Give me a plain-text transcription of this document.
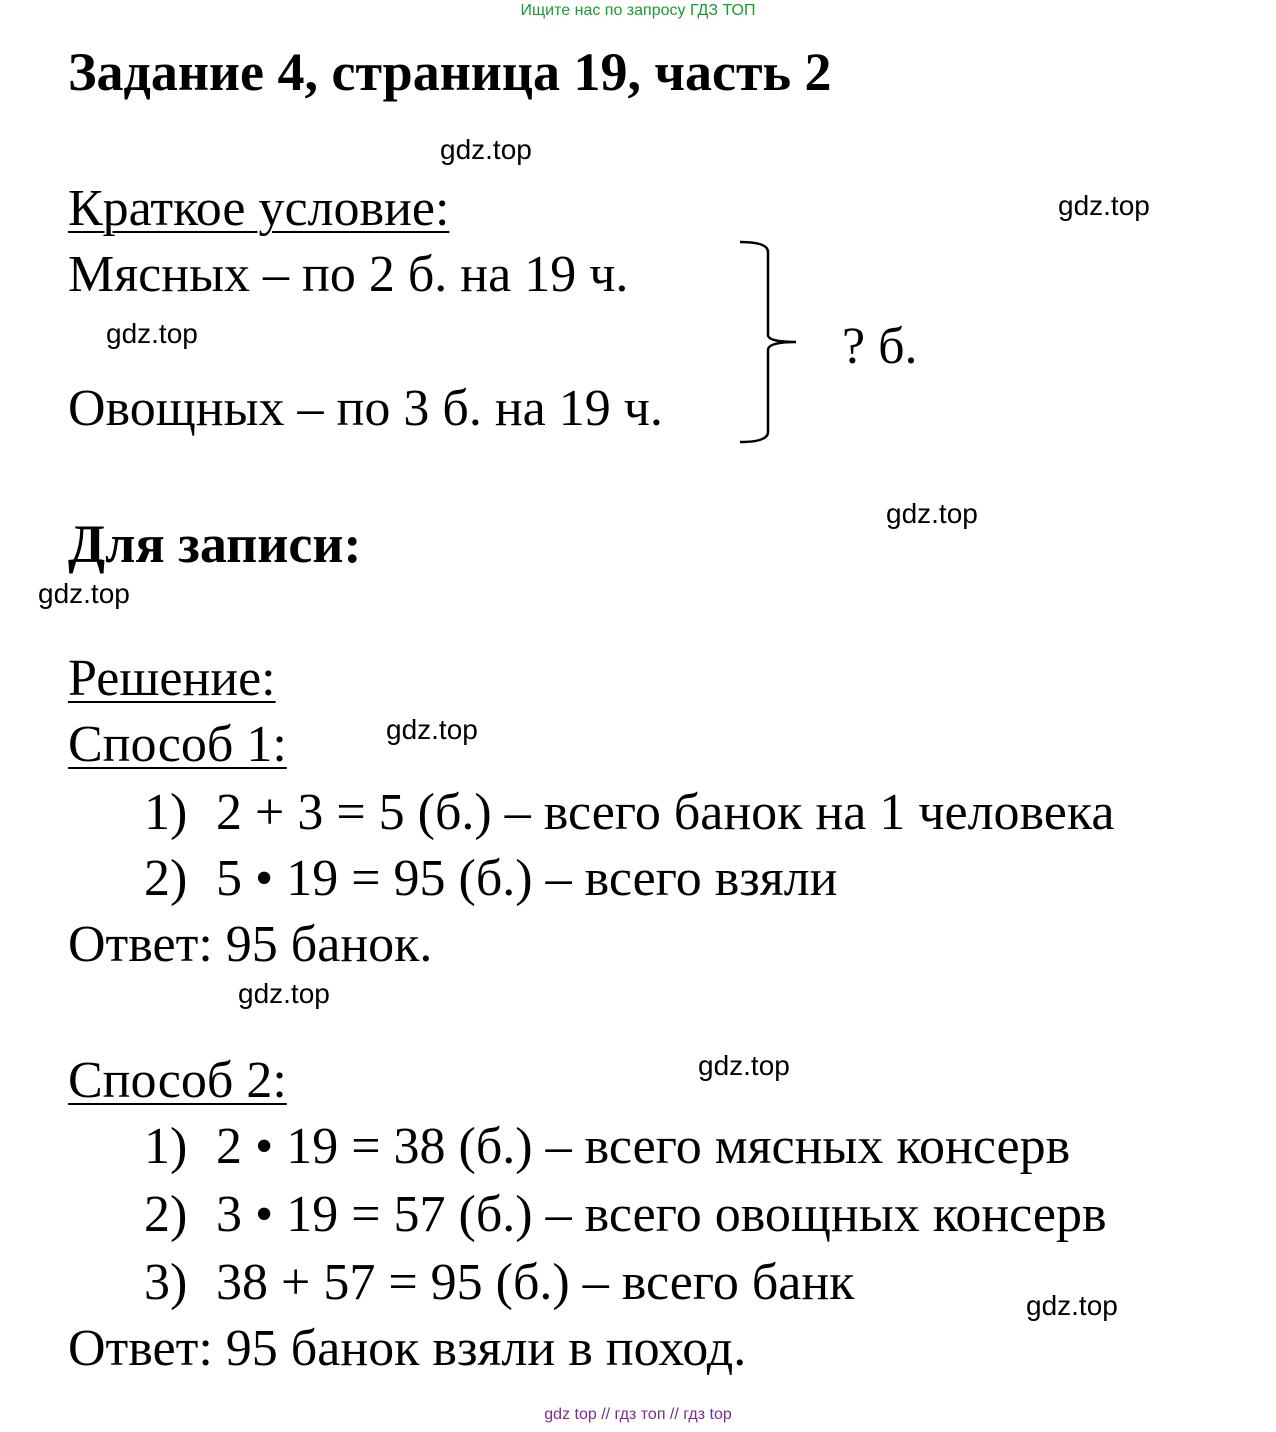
Ищите нас по запросу ГДЗ ТОП
Задание 4, страница 19, часть 2
gdz.top
gdz.top
gdz.top
gdz.top
gdz.top
gdz.top
gdz.top
gdz.top
gdz.top
Краткое условие:
Мясных – по 2 б. на 19 ч.
Овощных – по 3 б. на 19 ч.
? б.
Для записи:
Решение:
Способ 1:
1) 2 + 3 = 5 (б.) – всего банок на 1 человека
2) 5 • 19 = 95 (б.) – всего взяли
Ответ: 95 банок.
Способ 2:
1) 2 • 19 = 38 (б.) – всего мясных консерв
2) 3 • 19 = 57 (б.) – всего овощных консерв
3) 38 + 57 = 95 (б.) – всего банк
Ответ: 95 банок взяли в поход.
gdz top // гдз топ // гдз top
